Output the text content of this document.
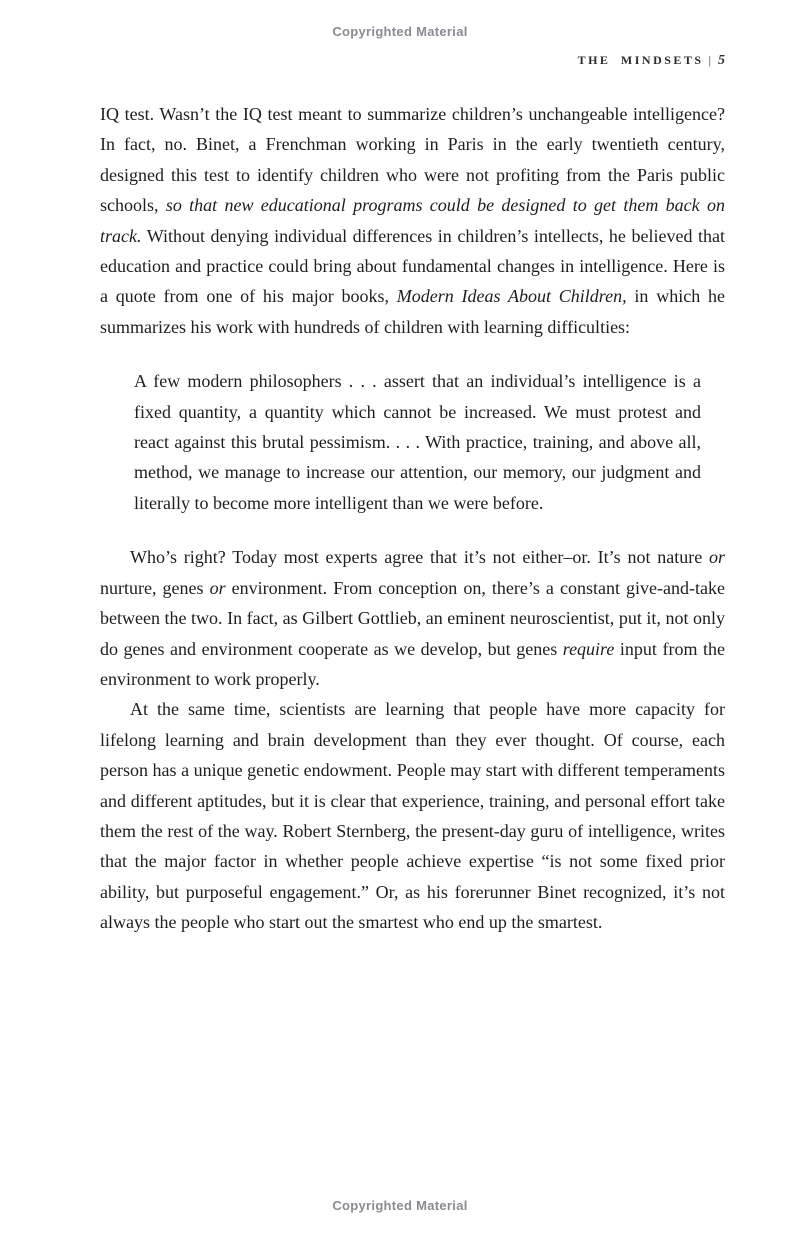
Copyrighted Material
THE MINDSETS | 5

IQ test. Wasn’t the IQ test meant to summarize children’s unchangeable intelligence? In fact, no. Binet, a Frenchman working in Paris in the early twentieth century, designed this test to identify children who were not profiting from the Paris public schools, so that new educational programs could be designed to get them back on track. Without denying individual differences in children’s intellects, he believed that education and practice could bring about fundamental changes in intelligence. Here is a quote from one of his major books, Modern Ideas About Children, in which he summarizes his work with hundreds of children with learning difficulties:

A few modern philosophers . . . assert that an individual’s intelligence is a fixed quantity, a quantity which cannot be increased. We must protest and react against this brutal pessimism. . . . With practice, training, and above all, method, we manage to increase our attention, our memory, our judgment and literally to become more intelligent than we were before.

Who’s right? Today most experts agree that it’s not either–or. It’s not nature or nurture, genes or environment. From conception on, there’s a constant give-and-take between the two. In fact, as Gilbert Gottlieb, an eminent neuroscientist, put it, not only do genes and environment cooperate as we develop, but genes require input from the environment to work properly.

At the same time, scientists are learning that people have more capacity for lifelong learning and brain development than they ever thought. Of course, each person has a unique genetic endowment. People may start with different temperaments and different aptitudes, but it is clear that experience, training, and personal effort take them the rest of the way. Robert Sternberg, the present-day guru of intelligence, writes that the major factor in whether people achieve expertise “is not some fixed prior ability, but purposeful engagement.” Or, as his forerunner Binet recognized, it’s not always the people who start out the smartest who end up the smartest.

Copyrighted Material
